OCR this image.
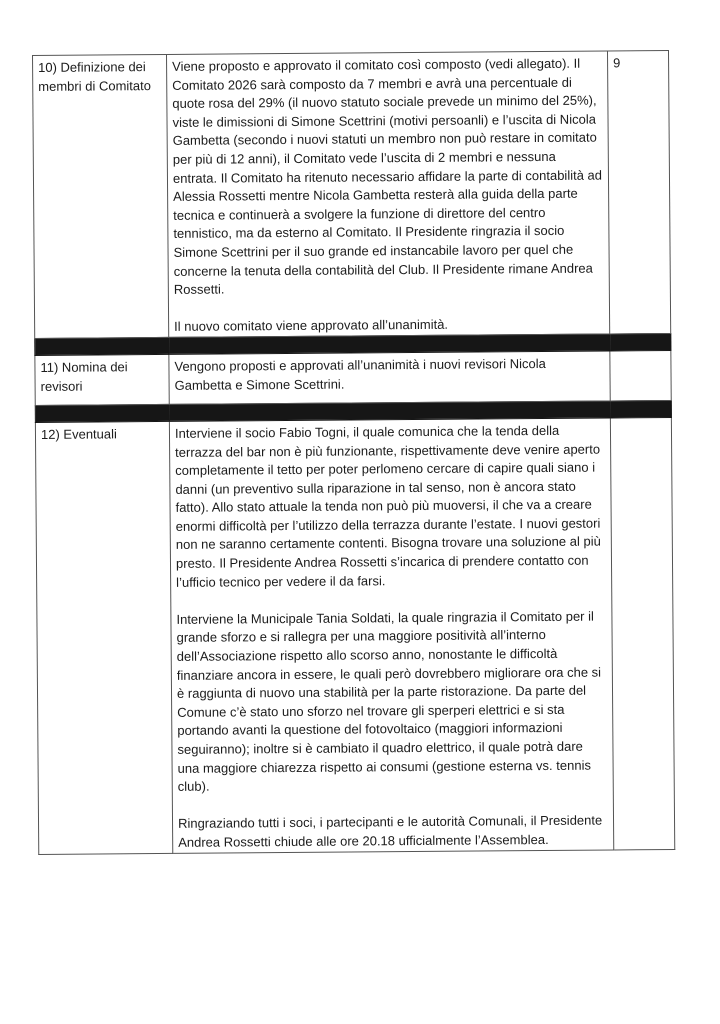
10) Definizione dei membri di Comitato	Viene proposto e approvato il comitato così composto (vedi allegato). Il Comitato 2026 sarà composto da 7 membri e avrà una percentuale di quote rosa del 29% (il nuovo statuto sociale prevede un minimo del 25%), viste le dimissioni di Simone Scettrini (motivi persoanli) e l’uscita di Nicola Gambetta (secondo i nuovi statuti un membro non può restare in comitato per più di 12 anni), il Comitato vede l’uscita di 2 membri e nessuna entrata. Il Comitato ha ritenuto necessario affidare la parte di contabilità ad Alessia Rossetti mentre Nicola Gambetta resterà alla guida della parte tecnica e continuerà a svolgere la funzione di direttore del centro tennistico, ma da esterno al Comitato. Il Presidente ringrazia il socio Simone Scettrini per il suo grande ed instancabile lavoro per quel che concerne la tenuta della contabilità del Club. Il Presidente rimane Andrea Rossetti.

Il nuovo comitato viene approvato all’unanimità.	9

11) Nomina dei revisori	Vengono proposti e approvati all’unanimità i nuovi revisori Nicola Gambetta e Simone Scettrini.	

12) Eventuali	Interviene il socio Fabio Togni, il quale comunica che la tenda della terrazza del bar non è più funzionante, rispettivamente deve venire aperto completamente il tetto per poter perlomeno cercare di capire quali siano i danni (un preventivo sulla riparazione in tal senso, non è ancora stato fatto). Allo stato attuale la tenda non può più muoversi, il che va a creare enormi difficoltà per l’utilizzo della terrazza durante l’estate. I nuovi gestori non ne saranno certamente contenti. Bisogna trovare una soluzione al più presto. Il Presidente Andrea Rossetti s’incarica di prendere contatto con l’ufficio tecnico per vedere il da farsi.

Interviene la Municipale Tania Soldati, la quale ringrazia il Comitato per il grande sforzo e si rallegra per una maggiore positività all’interno dell’Associazione rispetto allo scorso anno, nonostante le difficoltà finanziare ancora in essere, le quali però dovrebbero migliorare ora che si è raggiunta di nuovo una stabilità per la parte ristorazione. Da parte del Comune c’è stato uno sforzo nel trovare gli sperperi elettrici e si sta portando avanti la questione del fotovoltaico (maggiori informazioni seguiranno); inoltre si è cambiato il quadro elettrico, il quale potrà dare una maggiore chiarezza rispetto ai consumi (gestione esterna vs. tennis club).

Ringraziando tutti i soci, i partecipanti e le autorità Comunali, il Presidente Andrea Rossetti chiude alle ore 20.18 ufficialmente l’Assemblea.	
